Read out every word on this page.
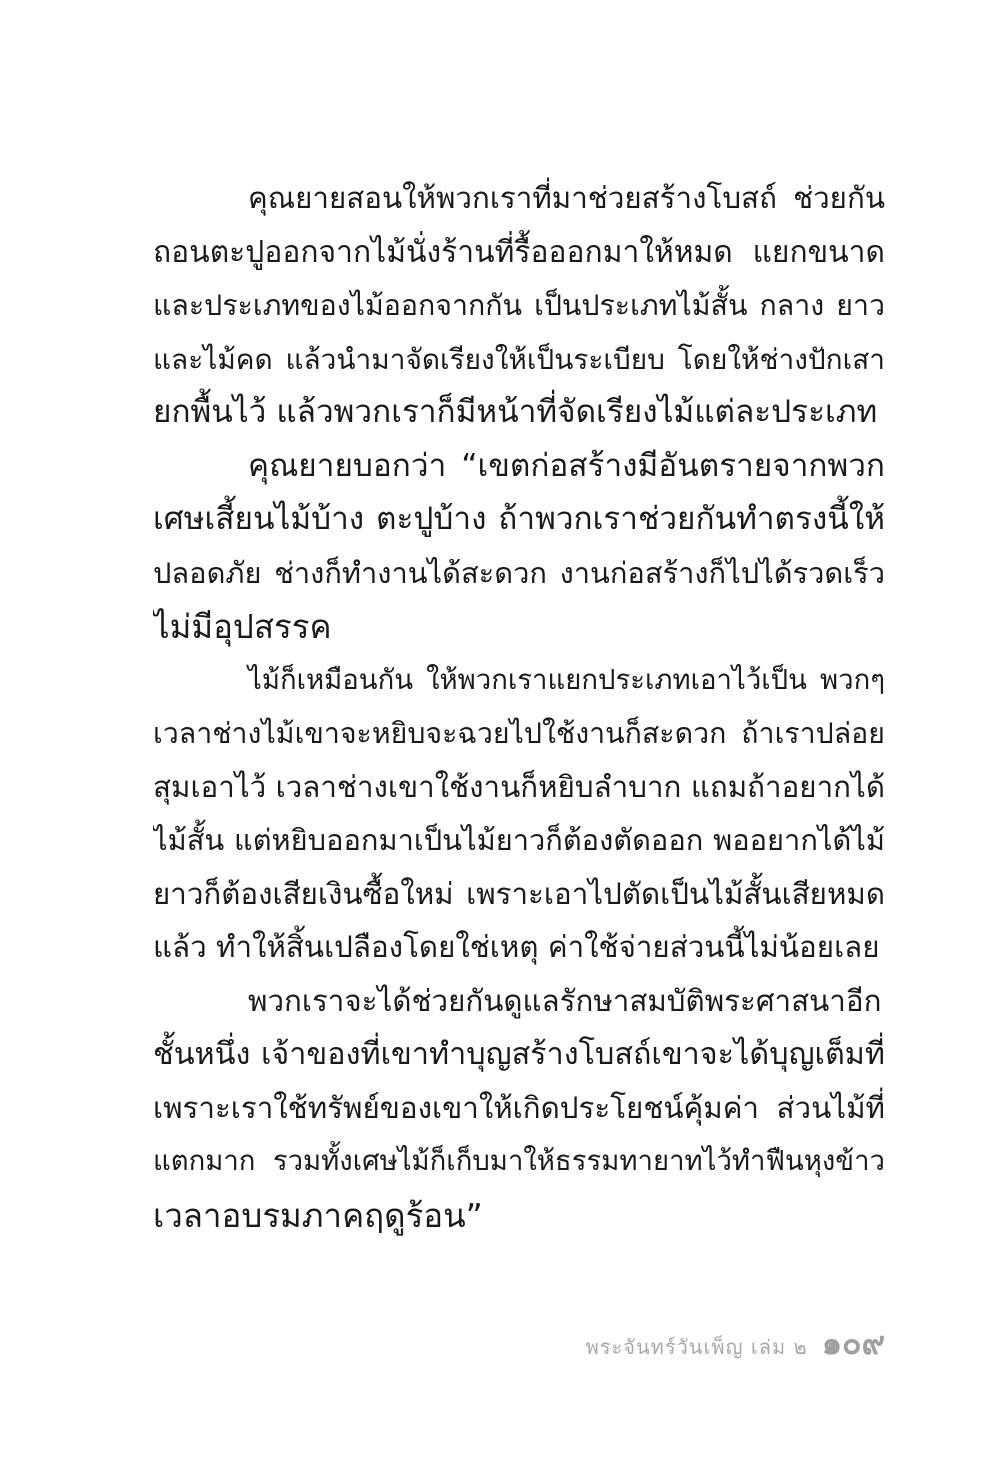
คุณยายสอนให้พวกเราที่มาช่วยสร้างโบสถ์ ช่วยกัน
ถอนตะปูออกจากไม้นั่งร้านที่รื้อออกมาให้หมด แยกขนาด
และประเภทของไม้ออกจากกัน เป็นประเภทไม้สั้น กลาง ยาว
และไม้คด แล้วนำมาจัดเรียงให้เป็นระเบียบ โดยให้ช่างปักเสา
ยกพื้นไว้ แล้วพวกเราก็มีหน้าที่จัดเรียงไม้แต่ละประเภท
คุณยายบอกว่า “เขตก่อสร้างมีอันตรายจากพวก
เศษเสี้ยนไม้บ้าง ตะปูบ้าง ถ้าพวกเราช่วยกันทำตรงนี้ให้
ปลอดภัย ช่างก็ทำงานได้สะดวก งานก่อสร้างก็ไปได้รวดเร็ว
ไม่มีอุปสรรค
ไม้ก็เหมือนกัน ให้พวกเราแยกประเภทเอาไว้เป็น พวกๆ
เวลาช่างไม้เขาจะหยิบจะฉวยไปใช้งานก็สะดวก ถ้าเราปล่อย
สุมเอาไว้ เวลาช่างเขาใช้งานก็หยิบลำบาก แถมถ้าอยากได้
ไม้สั้น แต่หยิบออกมาเป็นไม้ยาวก็ต้องตัดออก พออยากได้ไม้
ยาวก็ต้องเสียเงินซื้อใหม่ เพราะเอาไปตัดเป็นไม้สั้นเสียหมด
แล้ว ทำให้สิ้นเปลืองโดยใช่เหตุ ค่าใช้จ่ายส่วนนี้ไม่น้อยเลย
พวกเราจะได้ช่วยกันดูแลรักษาสมบัติพระศาสนาอีก
ชั้นหนึ่ง เจ้าของที่เขาทำบุญสร้างโบสถ์เขาจะได้บุญเต็มที่
เพราะเราใช้ทรัพย์ของเขาให้เกิดประโยชน์คุ้มค่า ส่วนไม้ที่
แตกมาก รวมทั้งเศษไม้ก็เก็บมาให้ธรรมทายาทไว้ทำฟืนหุงข้าว
เวลาอบรมภาคฤดูร้อน”
พระจันทร์วันเพ็ญ เล่ม ๒ ๑๐๙
